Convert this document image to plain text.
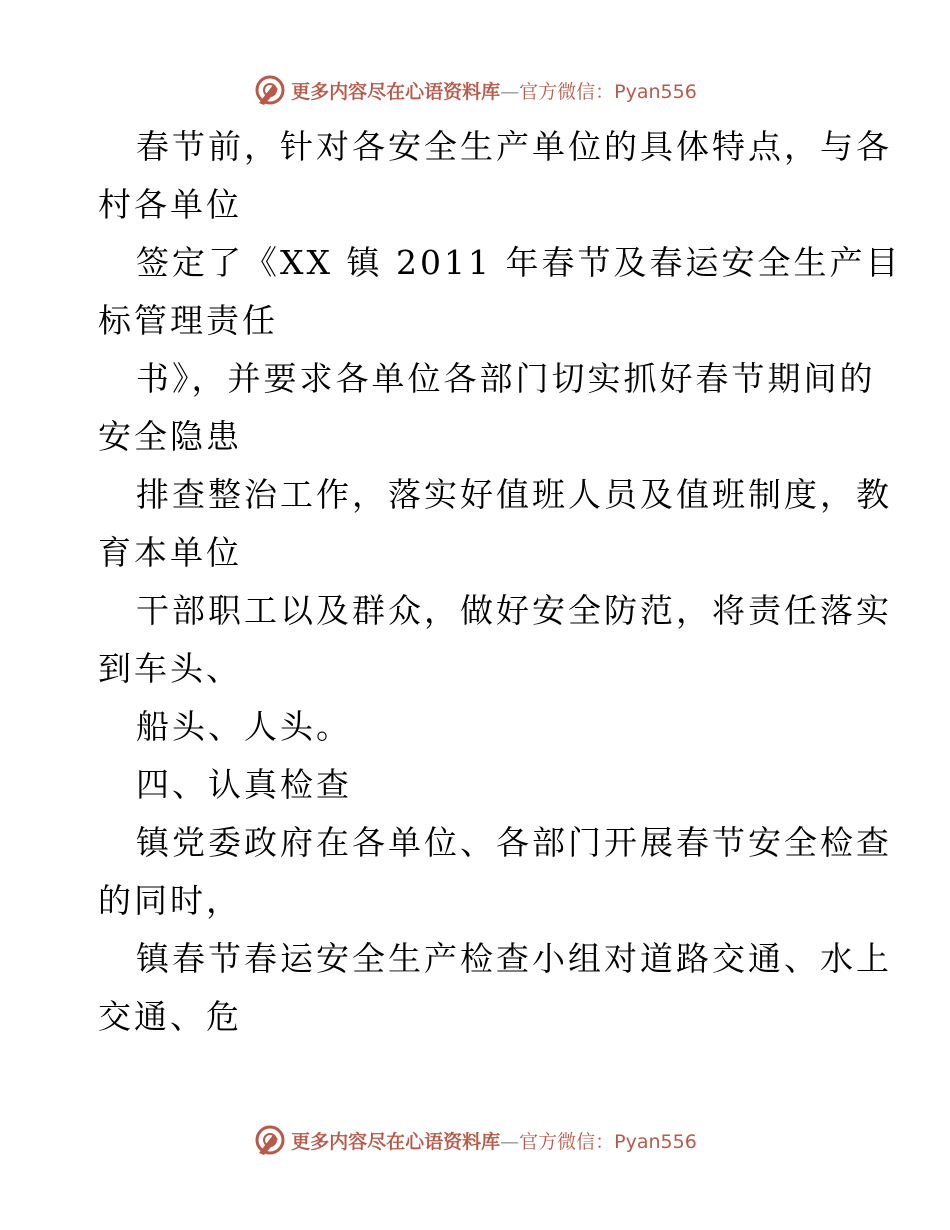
更多内容尽在心语资料库—官方微信：Pyan556
春节前，针对各安全生产单位的具体特点，与各
村各单位
签定了《XX 镇 2011 年春节及春运安全生产目
标管理责任
书》，并要求各单位各部门切实抓好春节期间的
安全隐患
排查整治工作，落实好值班人员及值班制度，教
育本单位
干部职工以及群众，做好安全防范，将责任落实
到车头、
船头、人头。
四、认真检查
镇党委政府在各单位、各部门开展春节安全检查
的同时，
镇春节春运安全生产检查小组对道路交通、水上
交通、危
更多内容尽在心语资料库—官方微信：Pyan556
